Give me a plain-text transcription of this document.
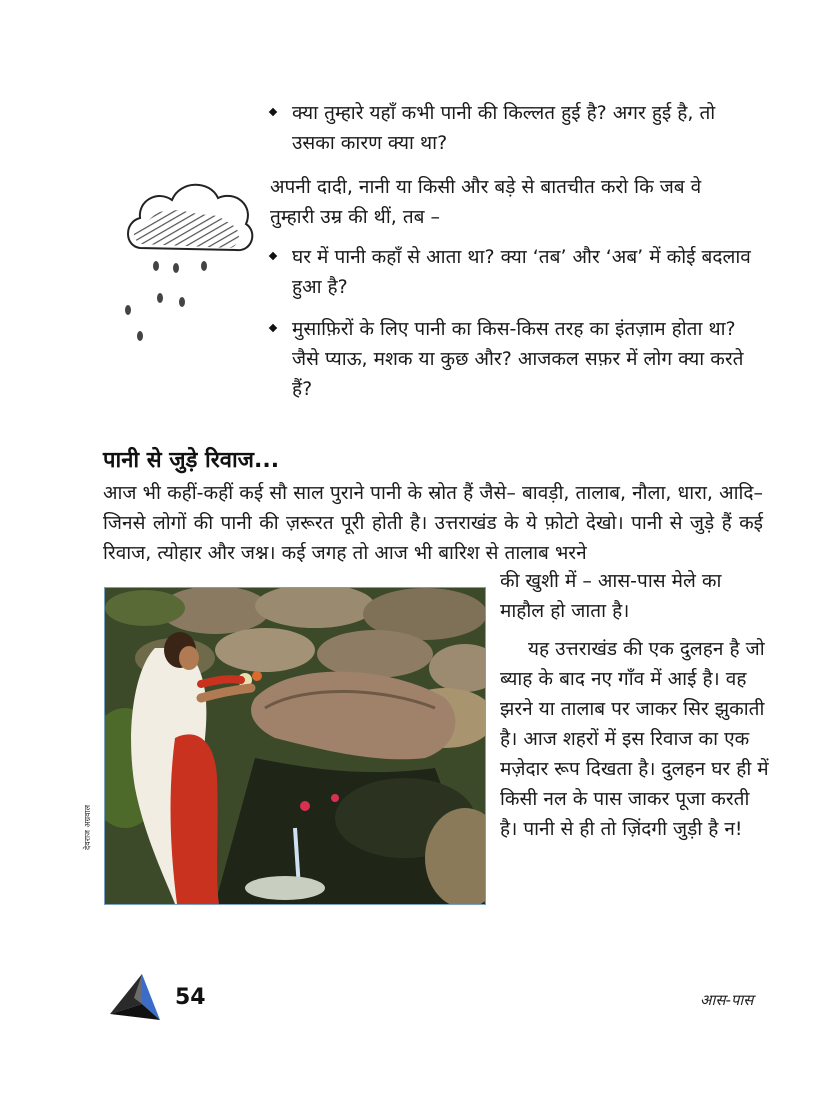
क्या तुम्हारे यहाँ कभी पानी की किल्लत हुई है? अगर हुई है, तो उसका कारण क्या था?
अपनी दादी, नानी या किसी और बड़े से बातचीत करो कि जब वे तुम्हारी उम्र की थीं, तब –
घर में पानी कहाँ से आता था? क्या ‘तब’ और ‘अब’ में कोई बदलाव हुआ है?
मुसाफ़िरों के लिए पानी का किस-किस तरह का इंतज़ाम होता था? जैसे प्याऊ, मशक या कुछ और? आजकल सफ़र में लोग क्या करते हैं?
पानी से जुड़े रिवाज...
आज भी कहीं-कहीं कई सौ साल पुराने पानी के स्रोत हैं जैसे– बावड़ी, तालाब, नौला, धारा, आदि– जिनसे लोगों की पानी की ज़रूरत पूरी होती है। उत्तराखंड के ये फ़ोटो देखो। पानी से जुड़े हैं कई रिवाज, त्योहार और जश्न। कई जगह तो आज भी बारिश से तालाब भरने
की खुशी में – आस-पास मेले का माहौल हो जाता है।
यह उत्तराखंड की एक दुलहन है जो ब्याह के बाद नए गाँव में आई है। वह झरने या तालाब पर जाकर सिर झुकाती है। आज शहरों में इस रिवाज का एक मज़ेदार रूप दिखता है। दुलहन घर ही में किसी नल के पास जाकर पूजा करती है। पानी से ही तो ज़िंदगी जुड़ी है न!
देवराज अग्रवाल
54	आस-पास
